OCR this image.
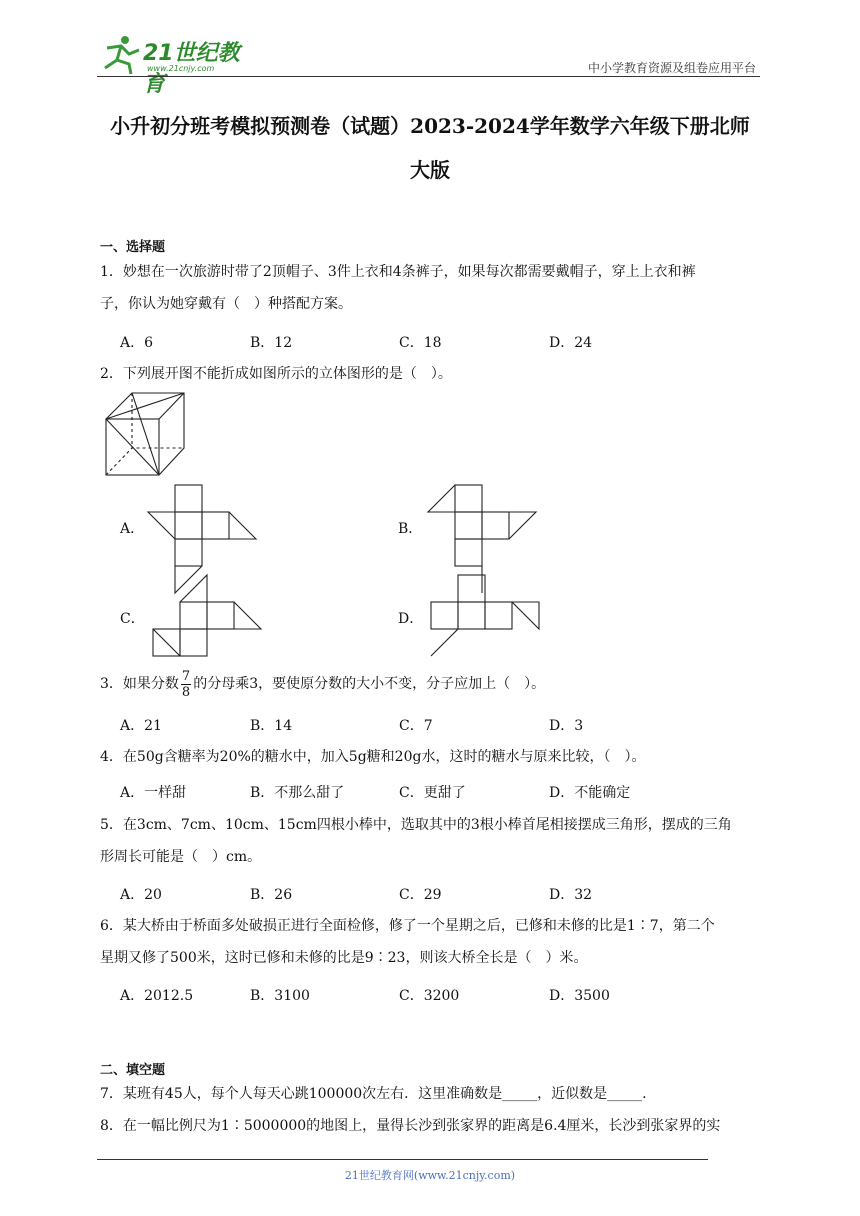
21世纪教育
www.21cnjy.com	中小学教育资源及组卷应用平台
小升初分班考模拟预测卷（试题）2023-2024学年数学六年级下册北师
大版
一、选择题
1．妙想在一次旅游时带了2顶帽子、3件上衣和4条裤子，如果每次都需要戴帽子，穿上上衣和裤
子，你认为她穿戴有（　）种搭配方案。
A．6	B．12	C．18	D．24
2．下列展开图不能折成如图所示的立体图形的是（　）。
A．	B．
C．	D．
3．如果分数 $\frac{7}{8}$ 的分母乘3，要使原分数的大小不变，分子应加上（　）。
A．21	B．14	C．7	D．3
4．在50g含糖率为20%的糖水中，加入5g糖和20g水，这时的糖水与原来比较，（　）。
A．一样甜	B．不那么甜了	C．更甜了	D．不能确定
5．在3cm、7cm、10cm、15cm四根小棒中，选取其中的3根小棒首尾相接摆成三角形，摆成的三角
形周长可能是（　）cm。
A．20	B．26	C．29	D．32
6．某大桥由于桥面多处破损正进行全面检修，修了一个星期之后，已修和未修的比是1∶7，第二个
星期又修了500米，这时已修和未修的比是9∶23，则该大桥全长是（　）米。
A．2012.5	B．3100	C．3200	D．3500
二、填空题
7．某班有45人，每个人每天心跳100000次左右．这里准确数是_____，近似数是_____.
8．在一幅比例尺为1∶5000000的地图上，量得长沙到张家界的距离是6.4厘米，长沙到张家界的实
21世纪教育网(www.21cnjy.com)
